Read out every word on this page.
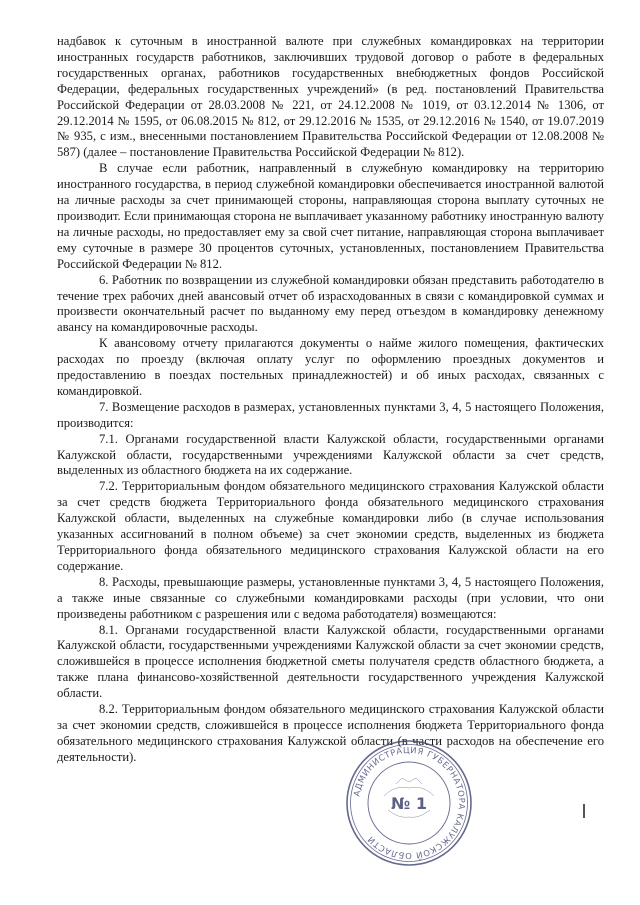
надбавок к суточным в иностранной валюте при служебных командировках на территории иностранных государств работников, заключивших трудовой договор о работе в федеральных государственных органах, работников государственных внебюджетных фондов Российской Федерации, федеральных государственных учреждений» (в ред. постановлений Правительства Российской Федерации от 28.03.2008 № 221, от 24.12.2008 № 1019, от 03.12.2014 № 1306, от 29.12.2014 № 1595, от 06.08.2015 № 812, от 29.12.2016 № 1535, от 29.12.2016 № 1540, от 19.07.2019 № 935, с изм., внесенными постановлением Правительства Российской Федерации от 12.08.2008 № 587) (далее – постановление Правительства Российской Федерации № 812).

В случае если работник, направленный в служебную командировку на территорию иностранного государства, в период служебной командировки обеспечивается иностранной валютой на личные расходы за счет принимающей стороны, направляющая сторона выплату суточных не производит. Если принимающая сторона не выплачивает указанному работнику иностранную валюту на личные расходы, но предоставляет ему за свой счет питание, направляющая сторона выплачивает ему суточные в размере 30 процентов суточных, установленных, постановлением Правительства Российской Федерации № 812.

6. Работник по возвращении из служебной командировки обязан представить работодателю в течение трех рабочих дней авансовый отчет об израсходованных в связи с командировкой суммах и произвести окончательный расчет по выданному ему перед отъездом в командировку денежному авансу на командировочные расходы.

К авансовому отчету прилагаются документы о найме жилого помещения, фактических расходах по проезду (включая оплату услуг по оформлению проездных документов и предоставлению в поездах постельных принадлежностей) и об иных расходах, связанных с командировкой.

7. Возмещение расходов в размерах, установленных пунктами 3, 4, 5 настоящего Положения, производится:

7.1. Органами государственной власти Калужской области, государственными органами Калужской области, государственными учреждениями Калужской области за счет средств, выделенных из областного бюджета на их содержание.

7.2. Территориальным фондом обязательного медицинского страхования Калужской области за счет средств бюджета Территориального фонда обязательного медицинского страхования Калужской области, выделенных на служебные командировки либо (в случае использования указанных ассигнований в полном объеме) за счет экономии средств, выделенных из бюджета Территориального фонда обязательного медицинского страхования Калужской области на его содержание.

8. Расходы, превышающие размеры, установленные пунктами 3, 4, 5 настоящего Положения, а также иные связанные со служебными командировками расходы (при условии, что они произведены работником с разрешения или с ведома работодателя) возмещаются:

8.1. Органами государственной власти Калужской области, государственными органами Калужской области, государственными учреждениями Калужской области за счет экономии средств, сложившейся в процессе исполнения бюджетной сметы получателя средств областного бюджета, а также плана финансово-хозяйственной деятельности государственного учреждения Калужской области.

8.2. Территориальным фондом обязательного медицинского страхования Калужской области за счет экономии средств, сложившейся в процессе исполнения бюджета Территориального фонда обязательного медицинского страхования Калужской области (в части расходов на обеспечение его деятельности).

АДМИНИСТРАЦИЯ ГУБЕРНАТОРА КАЛУЖСКОЙ ОБЛАСТИ
№ 1
